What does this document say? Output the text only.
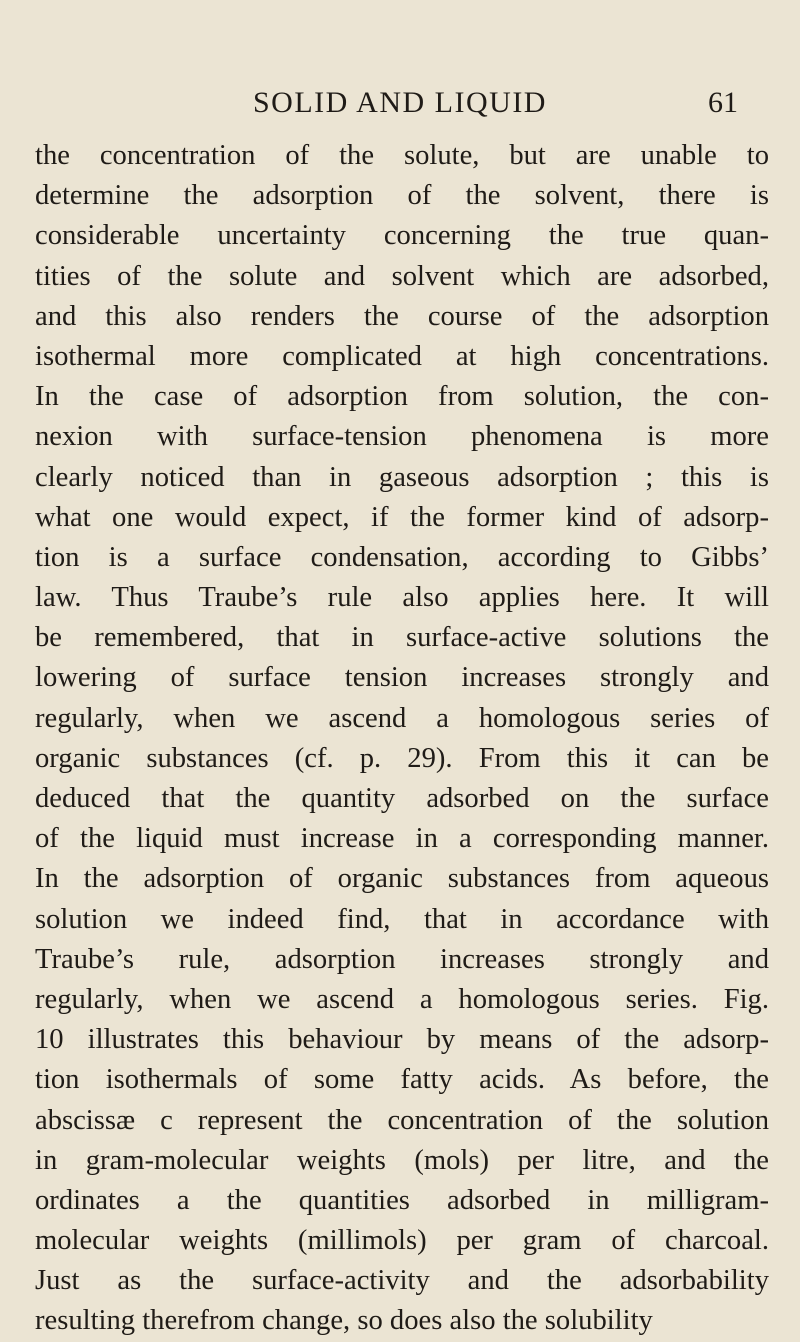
SOLID AND LIQUID	61
the concentration of the solute, but are unable to
determine the adsorption of the solvent, there is
considerable uncertainty concerning the true quan-
tities of the solute and solvent which are adsorbed,
and this also renders the course of the adsorption
isothermal more complicated at high concentrations.
In the case of adsorption from solution, the con-
nexion with surface-tension phenomena is more
clearly noticed than in gaseous adsorption ; this is
what one would expect, if the former kind of adsorp-
tion is a surface condensation, according to Gibbs’
law. Thus Traube’s rule also applies here. It will
be remembered, that in surface-active solutions the
lowering of surface tension increases strongly and
regularly, when we ascend a homologous series of
organic substances (cf. p. 29). From this it can be
deduced that the quantity adsorbed on the surface
of the liquid must increase in a corresponding manner.
In the adsorption of organic substances from aqueous
solution we indeed find, that in accordance with
Traube’s rule, adsorption increases strongly and
regularly, when we ascend a homologous series. Fig.
10 illustrates this behaviour by means of the adsorp-
tion isothermals of some fatty acids. As before, the
abscissæ c represent the concentration of the solution
in gram-molecular weights (mols) per litre, and the
ordinates a the quantities adsorbed in milligram-
molecular weights (millimols) per gram of charcoal.
Just as the surface-activity and the adsorbability
resulting therefrom change, so does also the solubility
